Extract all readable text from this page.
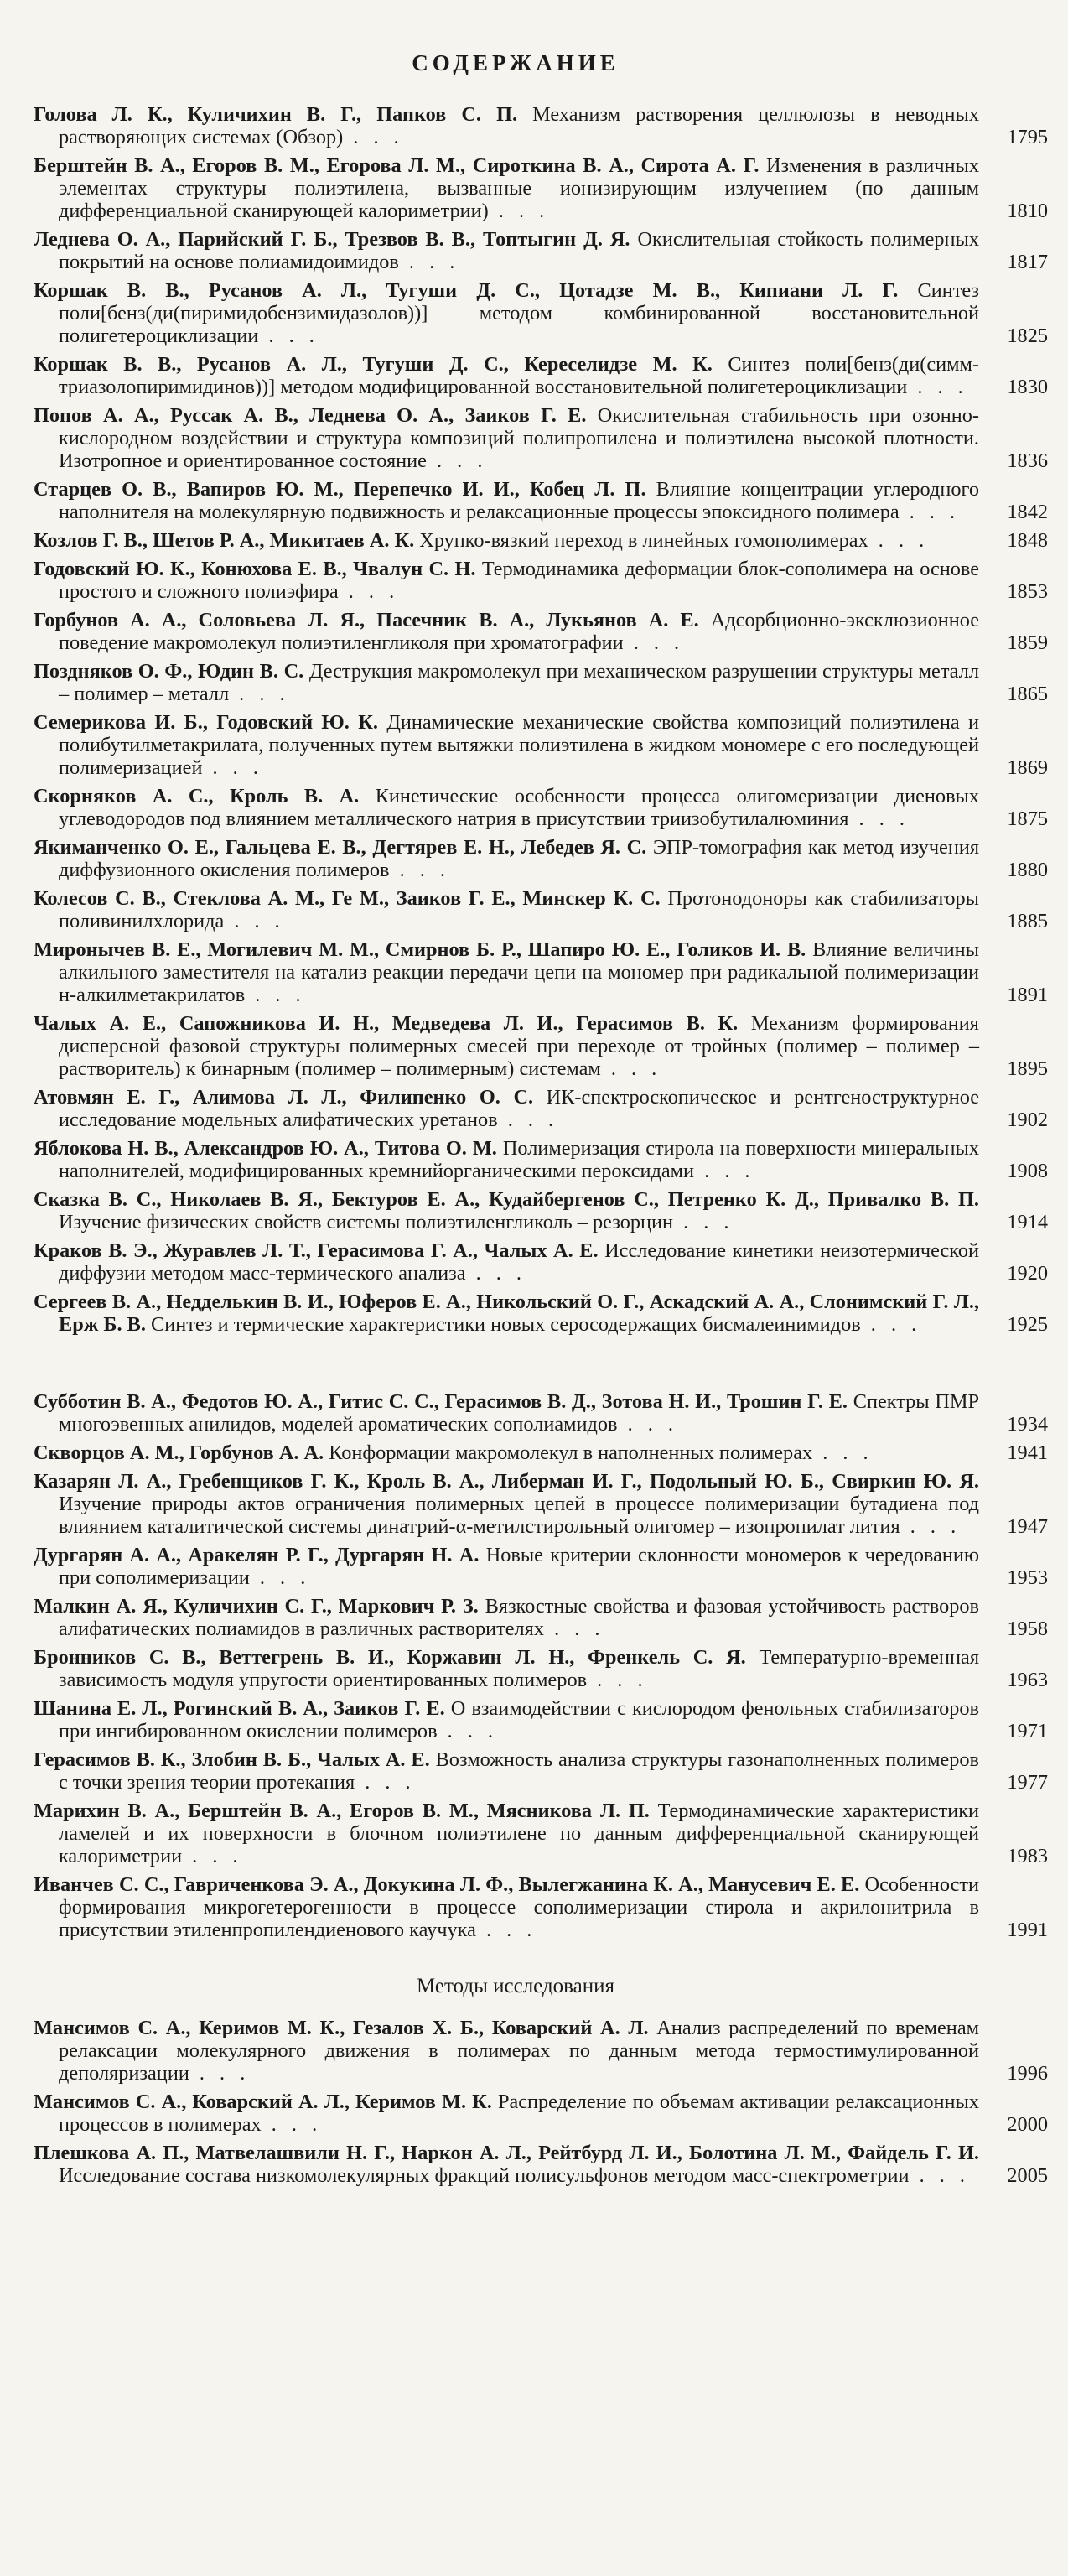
СОДЕРЖАНИЕ
Голова Л. К., Куличихин В. Г., Папков С. П. Механизм растворения целлюлозы в неводных растворяющих системах (Обзор) . . .	1795
Берштейн В. А., Егоров В. М., Егорова Л. М., Сироткина В. А., Сирота А. Г. Изменения в различных элементах структуры полиэтилена, вызванные ионизирующим излучением (по данным дифференциальной сканирующей калориметрии) . . .	1810
Леднева О. А., Парийский Г. Б., Трезвов В. В., Топтыгин Д. Я. Окислительная стойкость полимерных покрытий на основе полиамидоимидов . . .	1817
Коршак В. В., Русанов А. Л., Тугуши Д. С., Цотадзе М. В., Кипиани Л. Г. Синтез поли[бенз(ди(пиримидобензимидазолов))] методом комбинированной восстановительной полигетероциклизации . . .	1825
Коршак В. В., Русанов А. Л., Тугуши Д. С., Кереселидзе М. К. Синтез поли[бенз(ди(симм-триазолопиримидинов))] методом модифицированной восстановительной полигетероциклизации . . .	1830
Попов А. А., Руссак А. В., Леднева О. А., Заиков Г. Е. Окислительная стабильность при озонно-кислородном воздействии и структура композиций полипропилена и полиэтилена высокой плотности. Изотропное и ориентированное состояние . . .	1836
Старцев О. В., Вапиров Ю. М., Перепечко И. И., Кобец Л. П. Влияние концентрации углеродного наполнителя на молекулярную подвижность и релаксационные процессы эпоксидного полимера . . .	1842
Козлов Г. В., Шетов Р. А., Микитаев А. К. Хрупко-вязкий переход в линейных гомополимерах . . .	1848
Годовский Ю. К., Конюхова Е. В., Чвалун С. Н. Термодинамика деформации блок-сополимера на основе простого и сложного полиэфира . . .	1853
Горбунов А. А., Соловьева Л. Я., Пасечник В. А., Лукьянов А. Е. Адсорбционно-эксклюзионное поведение макромолекул полиэтиленгликоля при хроматографии . . .	1859
Поздняков О. Ф., Юдин В. С. Деструкция макромолекул при механическом разрушении структуры металл – полимер – металл . . .	1865
Семерикова И. Б., Годовский Ю. К. Динамические механические свойства композиций полиэтилена и полибутилметакрилата, полученных путем вытяжки полиэтилена в жидком мономере с его последующей полимеризацией . . .	1869
Скорняков А. С., Кроль В. А. Кинетические особенности процесса олигомеризации диеновых углеводородов под влиянием металлического натрия в присутствии триизобутилалюминия . . .	1875
Якиманченко О. Е., Гальцева Е. В., Дегтярев Е. Н., Лебедев Я. С. ЭПР-томография как метод изучения диффузионного окисления полимеров . . .	1880
Колесов С. В., Стеклова А. М., Ге М., Заиков Г. Е., Минскер К. С. Протонодоноры как стабилизаторы поливинилхлорида . . .	1885
Миронычев В. Е., Могилевич М. М., Смирнов Б. Р., Шапиро Ю. Е., Голиков И. В. Влияние величины алкильного заместителя на катализ реакции передачи цепи на мономер при радикальной полимеризации н-алкилметакрилатов . . .	1891
Чалых А. Е., Сапожникова И. Н., Медведева Л. И., Герасимов В. К. Механизм формирования дисперсной фазовой структуры полимерных смесей при переходе от тройных (полимер – полимер – растворитель) к бинарным (полимер – полимерным) системам . . .	1895
Атовмян Е. Г., Алимова Л. Л., Филипенко О. С. ИК-спектроскопическое и рентгеноструктурное исследование модельных алифатических уретанов . . .	1902
Яблокова Н. В., Александров Ю. А., Титова О. М. Полимеризация стирола на поверхности минеральных наполнителей, модифицированных кремнийорганическими пероксидами . . .	1908
Сказка В. С., Николаев В. Я., Бектуров Е. А., Кудайбергенов С., Петренко К. Д., Привалко В. П. Изучение физических свойств системы полиэтиленгликоль – резорцин . . .	1914
Краков В. Э., Журавлев Л. Т., Герасимова Г. А., Чалых А. Е. Исследование кинетики неизотермической диффузии методом масс-термического анализа . . .	1920
Сергеев В. А., Недделькин В. И., Юферов Е. А., Никольский О. Г., Аскадский А. А., Слонимский Г. Л., Ерж Б. В. Синтез и термические характеристики новых серосодержащих бисмалеинимидов . . .	1925
Субботин В. А., Федотов Ю. А., Гитис С. С., Герасимов В. Д., Зотова Н. И., Трошин Г. Е. Спектры ПМР многоэвенных анилидов, моделей ароматических сополиамидов . . .	1934
Скворцов А. М., Горбунов А. А. Конформации макромолекул в наполненных полимерах . . .	1941
Казарян Л. А., Гребенщиков Г. К., Кроль В. А., Либерман И. Г., Подольный Ю. Б., Свиркин Ю. Я. Изучение природы актов ограничения полимерных цепей в процессе полимеризации бутадиена под влиянием каталитической системы динатрий-α-метилстирольный олигомер – изопропилат лития . . .	1947
Дургарян А. А., Аракелян Р. Г., Дургарян Н. А. Новые критерии склонности мономеров к чередованию при сополимеризации . . .	1953
Малкин А. Я., Куличихин С. Г., Маркович Р. З. Вязкостные свойства и фазовая устойчивость растворов алифатических полиамидов в различных растворителях . . .	1958
Бронников С. В., Веттегрень В. И., Коржавин Л. Н., Френкель С. Я. Температурно-временная зависимость модуля упругости ориентированных полимеров . . .	1963
Шанина Е. Л., Рогинский В. А., Заиков Г. Е. О взаимодействии с кислородом фенольных стабилизаторов при ингибированном окислении полимеров . . .	1971
Герасимов В. К., Злобин В. Б., Чалых А. Е. Возможность анализа структуры газонаполненных полимеров с точки зрения теории протекания . . .	1977
Марихин В. А., Берштейн В. А., Егоров В. М., Мясникова Л. П. Термодинамические характеристики ламелей и их поверхности в блочном полиэтилене по данным дифференциальной сканирующей калориметрии . . .	1983
Иванчев С. С., Гавриченкова Э. А., Докукина Л. Ф., Вылегжанина К. А., Манусевич Е. Е. Особенности формирования микрогетерогенности в процессе сополимеризации стирола и акрилонитрила в присутствии этиленпропилендиенового каучука . . .	1991
Методы исследования
Мансимов С. А., Керимов М. К., Гезалов Х. Б., Коварский А. Л. Анализ распределений по временам релаксации молекулярного движения в полимерах по данным метода термостимулированной деполяризации . . .	1996
Мансимов С. А., Коварский А. Л., Керимов М. К. Распределение по объемам активации релаксационных процессов в полимерах . . .	2000
Плешкова А. П., Матвелашвили Н. Г., Наркон А. Л., Рейтбурд Л. И., Болотина Л. М., Файдель Г. И. Исследование состава низкомолекулярных фракций полисульфонов методом масс-спектрометрии . . .	2005
